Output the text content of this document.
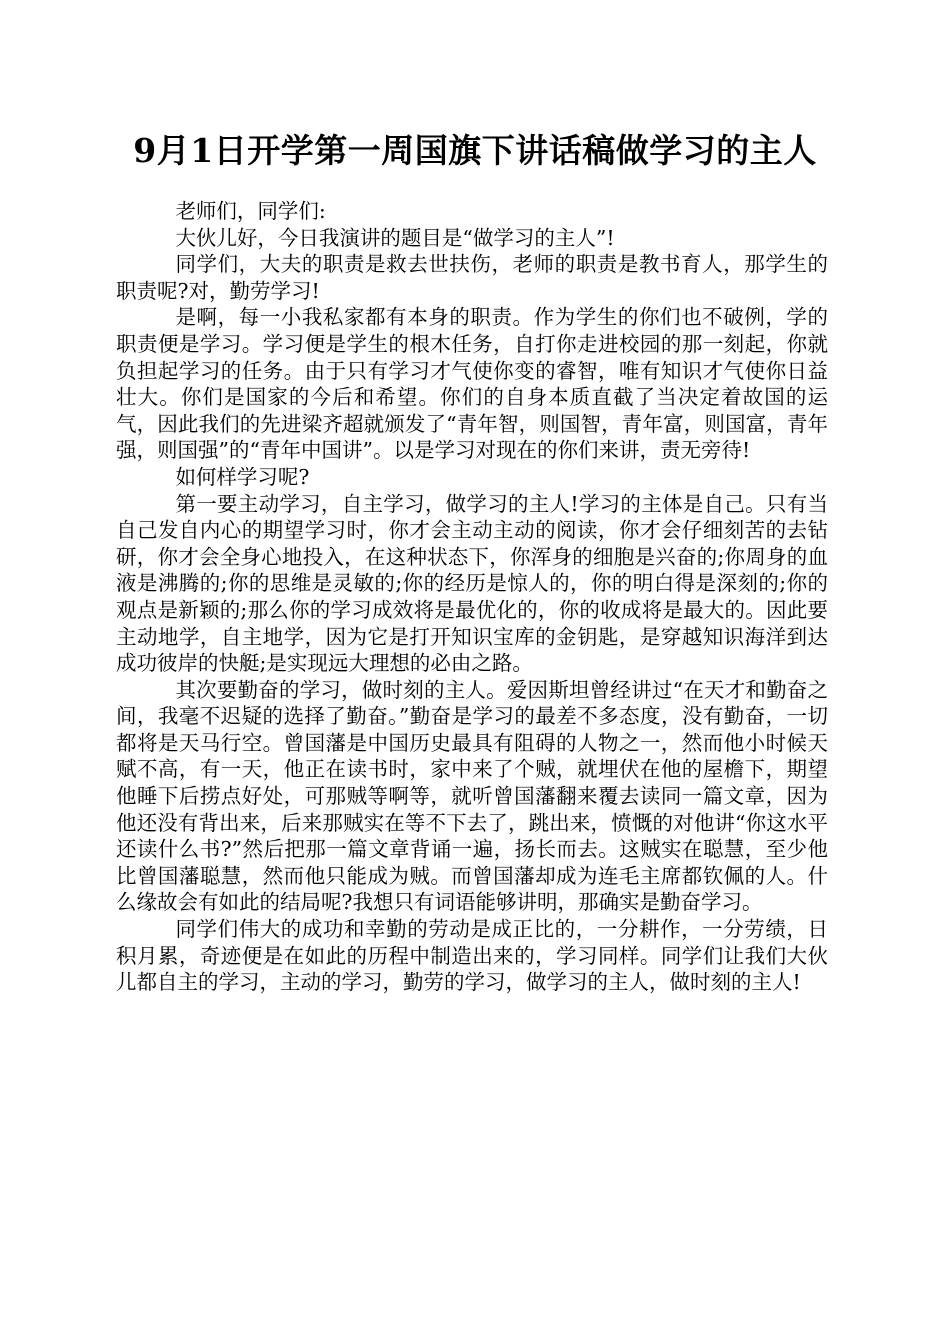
9月1日开学第一周国旗下讲话稿做学习的主人

老师们，同学们:

大伙儿好，今日我演讲的题目是“做学习的主人”!

同学们，大夫的职责是救去世扶伤，老师的职责是教书育人，那学生的职责呢?对，勤劳学习!

是啊，每一小我私家都有本身的职责。作为学生的你们也不破例，学的职责便是学习。学习便是学生的根木任务，自打你走进校园的那一刻起，你就负担起学习的任务。由于只有学习才气使你变的睿智，唯有知识才气使你日益壮大。你们是国家的今后和希望。你们的自身本质直截了当决定着故国的运气，因此我们的先进梁齐超就颁发了“青年智，则国智，青年富，则国富，青年强，则国强”的“青年中国讲”。以是学习对现在的你们来讲，责无旁待!

如何样学习呢?

第一要主动学习，自主学习，做学习的主人!学习的主体是自己。只有当自己发自内心的期望学习时，你才会主动主动的阅读，你才会仔细刻苦的去钻研，你才会全身心地投入，在这种状态下，你浑身的细胞是兴奋的;你周身的血液是沸腾的;你的思维是灵敏的;你的经历是惊人的，你的明白得是深刻的;你的观点是新颖的;那么你的学习成效将是最优化的，你的收成将是最大的。因此要主动地学，自主地学，因为它是打开知识宝库的金钥匙，是穿越知识海洋到达成功彼岸的快艇;是实现远大理想的必由之路。

其次要勤奋的学习，做时刻的主人。爱因斯坦曾经讲过“在天才和勤奋之间，我毫不迟疑的选择了勤奋。”勤奋是学习的最差不多态度，没有勤奋，一切都将是天马行空。曾国藩是中国历史最具有阻碍的人物之一，然而他小时候天赋不高，有一天，他正在读书时，家中来了个贼，就埋伏在他的屋檐下，期望他睡下后捞点好处，可那贼等啊等，就听曾国藩翻来覆去读同一篇文章，因为他还没有背出来，后来那贼实在等不下去了，跳出来，愤慨的对他讲“你这水平还读什么书?”然后把那一篇文章背诵一遍，扬长而去。这贼实在聪慧，至少他比曾国藩聪慧，然而他只能成为贼。而曾国藩却成为连毛主席都钦佩的人。什么缘故会有如此的结局呢?我想只有词语能够讲明，那确实是勤奋学习。

同学们伟大的成功和幸勤的劳动是成正比的，一分耕作，一分劳绩，日积月累，奇迹便是在如此的历程中制造出来的，学习同样。同学们让我们大伙儿都自主的学习，主动的学习，勤劳的学习，做学习的主人，做时刻的主人!
